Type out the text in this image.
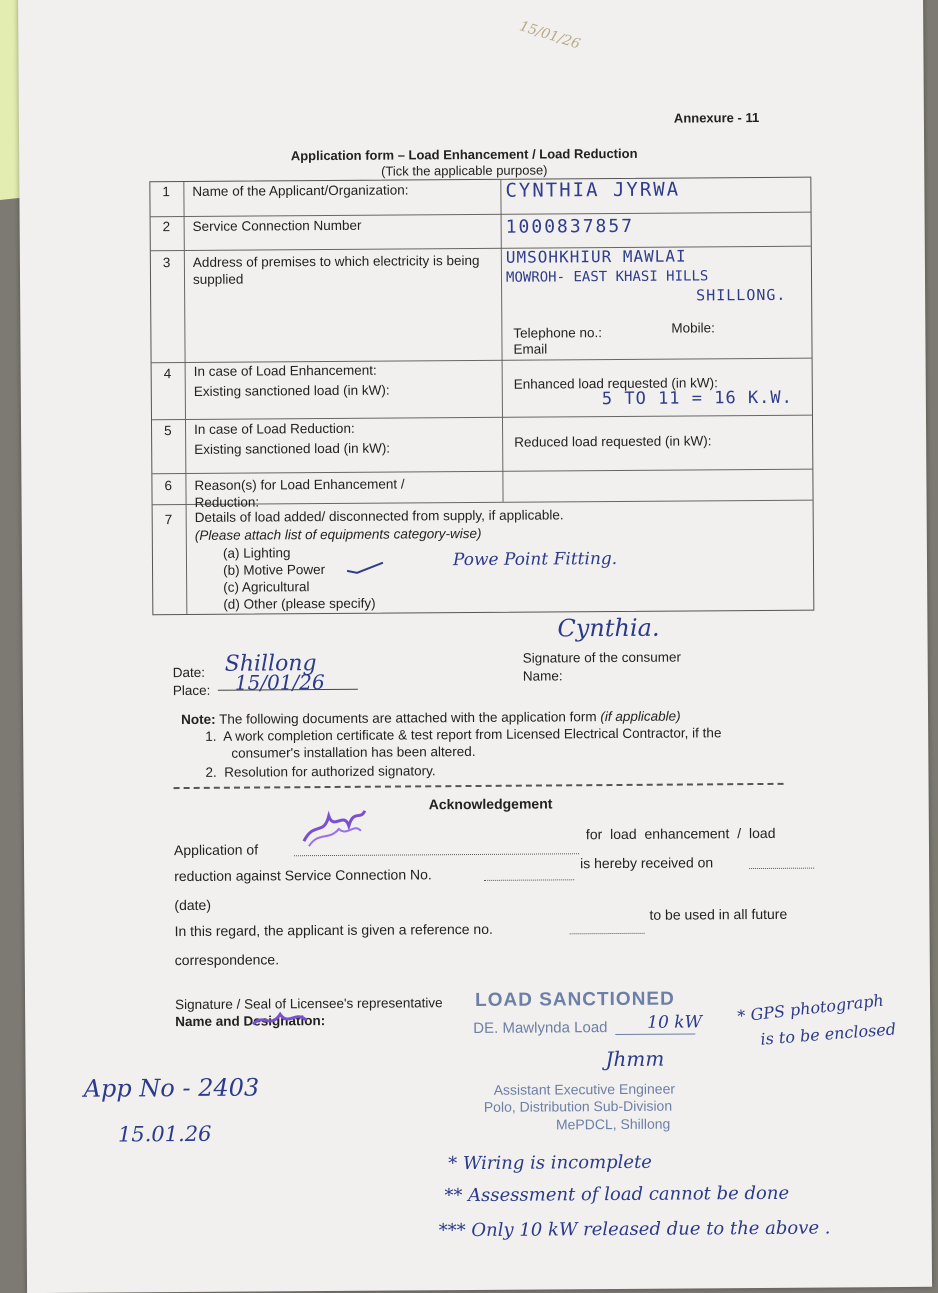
15/01/26
Annexure - 11
Application form – Load Enhancement / Load Reduction
(Tick the applicable purpose)
1 Name of the Applicant/Organization:	CYNTHIA JYRWA
2 Service Connection Number	1000837857
3 Address of premises to which electricity is being supplied
UMSOHKHIUR MAWLAI
MOWROH- EAST KHASI HILLS
SHILLONG.
Telephone no.:
Email
Mobile:
4 In case of Load Enhancement:
Existing sanctioned load (in kW):	Enhanced load requested (in kW):
5 TO 11 = 16 K.W.
5 In case of Load Reduction:
Existing sanctioned load (in kW):	Reduced load requested (in kW):
6 Reason(s) for Load Enhancement / Reduction:
7 Details of load added/ disconnected from supply, if applicable.
(Please attach list of equipments category-wise)
(a) Lighting
(b) Motive Power
(c) Agricultural
(d) Other (please specify)
Powe Point Fitting.
Date: Shillong
Place: 15/01/26
Cynthia.
Signature of the consumer
Name:
Note: The following documents are attached with the application form (if applicable)
1.  A work completion certificate & test report from Licensed Electrical Contractor, if the
consumer's installation has been altered.
2.  Resolution for authorized signatory.
Acknowledgement
Application of
for load enhancement / load
reduction against Service Connection No.
is hereby received on
(date)
In this regard, the applicant is given a reference no.
to be used in all future
correspondence.
Signature / Seal of Licensee's representative
Name and Designation:
LOAD SANCTIONED
DE. Mawlynda Load 10 kW
Jhmm
Assistant Executive Engineer
Polo, Distribution Sub-Division
MePDCL, Shillong
* GPS photograph
is to be enclosed
App No - 2403
15.01.26
* Wiring is incomplete
** Assessment of load cannot be done
*** Only 10 kW released due to the above .
